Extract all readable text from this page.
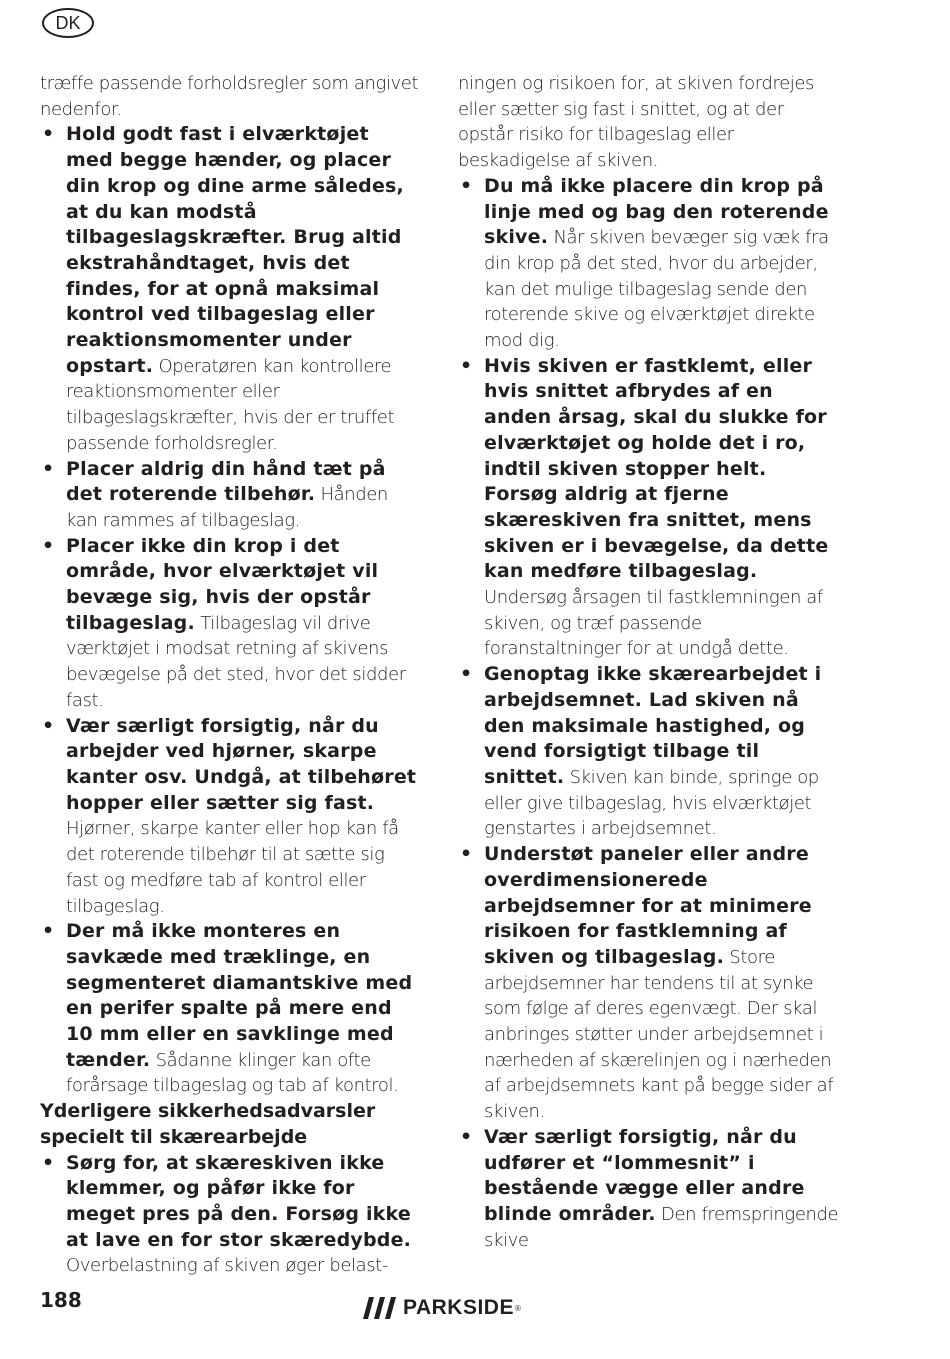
DK

træffe passende forholdsregler som angivet nedenfor.

• Hold godt fast i elværktøjet med begge hænder, og placer din krop og dine arme således, at du kan modstå tilbageslagskræfter. Brug altid ekstrahåndtaget, hvis det findes, for at opnå maksimal kontrol ved tilbageslag eller reaktionsmomenter under opstart. Operatøren kan kontrollere reaktionsmomenter eller tilbageslagskræfter, hvis der er truffet passende forholdsregler.
• Placer aldrig din hånd tæt på det roterende tilbehør. Hånden kan rammes af tilbageslag.
• Placer ikke din krop i det område, hvor elværktøjet vil bevæge sig, hvis der opstår tilbageslag. Tilbageslag vil drive værktøjet i modsat retning af skivens bevægelse på det sted, hvor det sidder fast.
• Vær særligt forsigtig, når du arbejder ved hjørner, skarpe kanter osv. Undgå, at tilbehøret hopper eller sætter sig fast. Hjørner, skarpe kanter eller hop kan få det roterende tilbehør til at sætte sig fast og medføre tab af kontrol eller tilbageslag.
• Der må ikke monteres en savkæde med træklinge, en segmenteret diamantskive med en perifer spalte på mere end 10 mm eller en savklinge med tænder. Sådanne klinger kan ofte forårsage tilbageslag og tab af kontrol.

Yderligere sikkerhedsadvarsler specielt til skærearbejde

• Sørg for, at skæreskiven ikke klemmer, og påfør ikke for meget pres på den. Forsøg ikke at lave en for stor skæredybde. Overbelastning af skiven øger belast-

ningen og risikoen for, at skiven fordrejes eller sætter sig fast i snittet, og at der opstår risiko for tilbageslag eller beskadigelse af skiven.

• Du må ikke placere din krop på linje med og bag den roterende skive. Når skiven bevæger sig væk fra din krop på det sted, hvor du arbejder, kan det mulige tilbageslag sende den roterende skive og elværktøjet direkte mod dig.
• Hvis skiven er fastklemt, eller hvis snittet afbrydes af en anden årsag, skal du slukke for elværktøjet og holde det i ro, indtil skiven stopper helt. Forsøg aldrig at fjerne skæreskiven fra snittet, mens skiven er i bevægelse, da dette kan medføre tilbageslag. Undersøg årsagen til fastklemningen af skiven, og træf passende foranstaltninger for at undgå dette.
• Genoptag ikke skærearbejdet i arbejdsemnet. Lad skiven nå den maksimale hastighed, og vend forsigtigt tilbage til snittet. Skiven kan binde, springe op eller give tilbageslag, hvis elværktøjet genstartes i arbejdsemnet.
• Understøt paneler eller andre overdimensionerede arbejdsemner for at minimere risikoen for fastklemning af skiven og tilbageslag. Store arbejdsemner har tendens til at synke som følge af deres egenvægt. Der skal anbringes støtter under arbejdsemnet i nærheden af skærelinjen og i nærheden af arbejdsemnets kant på begge sider af skiven.
• Vær særligt forsigtig, når du udfører et “lommesnit” i bestående vægge eller andre blinde områder. Den fremspringende skive
188	PARKSIDE ®
